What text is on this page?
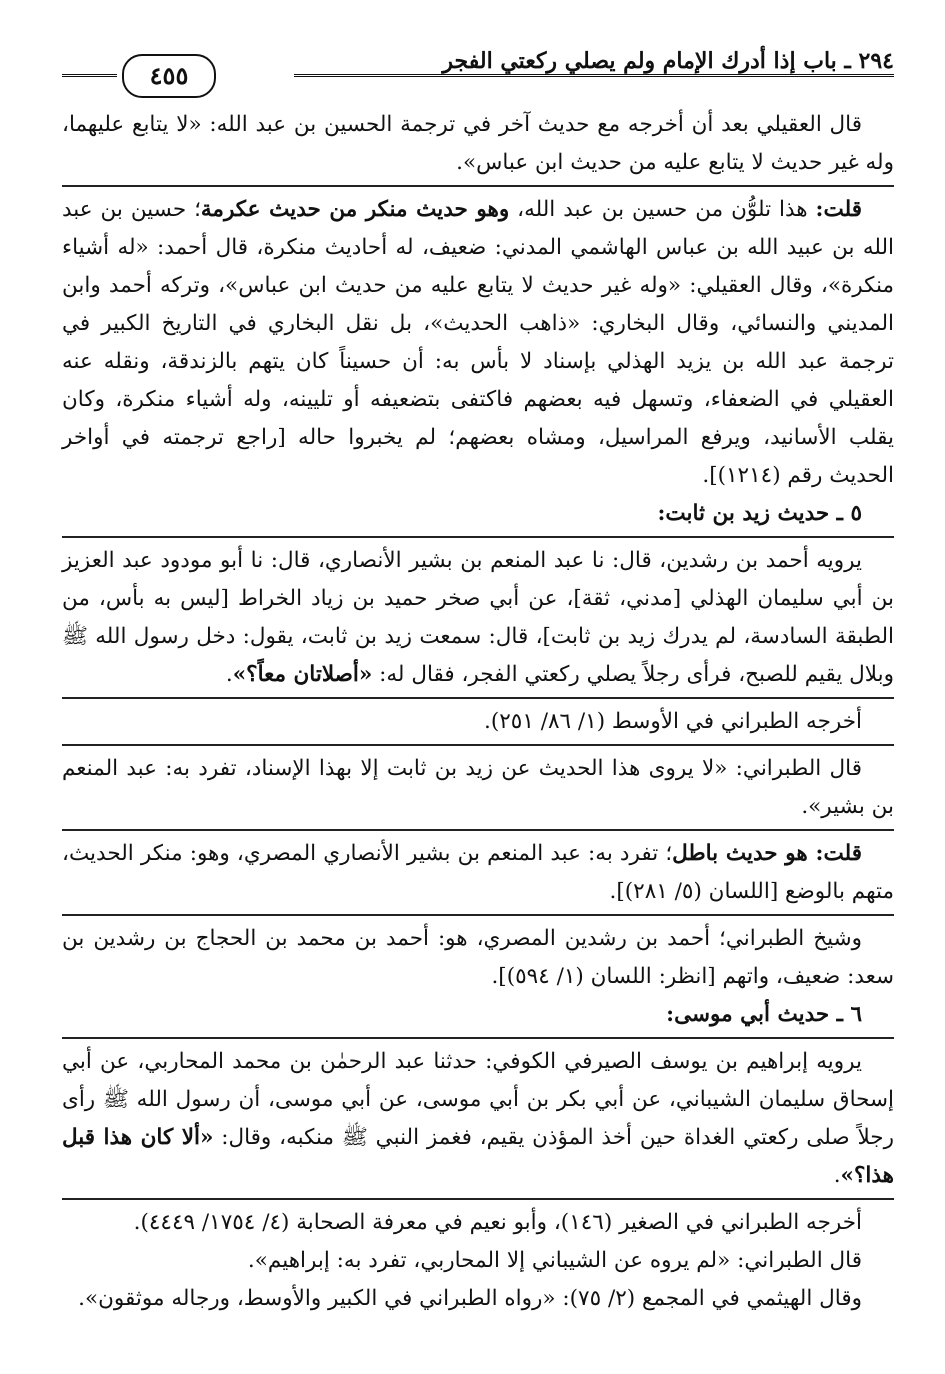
٢٩٤ ـ باب إذا أدرك الإمام ولم يصلي ركعتي الفجر
٤٥٥

قال العقيلي بعد أن أخرجه مع حديث آخر في ترجمة الحسين بن عبد الله: «لا يتابع عليهما، وله غير حديث لا يتابع عليه من حديث ابن عباس».

قلت: هذا تلوُّن من حسين بن عبد الله، وهو حديث منكر من حديث عكرمة؛ حسين بن عبد الله بن عبيد الله بن عباس الهاشمي المدني: ضعيف، له أحاديث منكرة، قال أحمد: «له أشياء منكرة»، وقال العقيلي: «وله غير حديث لا يتابع عليه من حديث ابن عباس»، وتركه أحمد وابن المديني والنسائي، وقال البخاري: «ذاهب الحديث»، بل نقل البخاري في التاريخ الكبير في ترجمة عبد الله بن يزيد الهذلي بإسناد لا بأس به: أن حسيناً كان يتهم بالزندقة، ونقله عنه العقيلي في الضعفاء، وتسهل فيه بعضهم فاكتفى بتضعيفه أو تليينه، وله أشياء منكرة، وكان يقلب الأسانيد، ويرفع المراسيل، ومشاه بعضهم؛ لم يخبروا حاله [راجع ترجمته في أواخر الحديث رقم (١٢١٤)].

٥ ـ حديث زيد بن ثابت:

يرويه أحمد بن رشدين، قال: نا عبد المنعم بن بشير الأنصاري، قال: نا أبو مودود عبد العزيز بن أبي سليمان الهذلي [مدني، ثقة]، عن أبي صخر حميد بن زياد الخراط [ليس به بأس، من الطبقة السادسة، لم يدرك زيد بن ثابت]، قال: سمعت زيد بن ثابت، يقول: دخل رسول الله ﷺ وبلال يقيم للصبح، فرأى رجلاً يصلي ركعتي الفجر، فقال له: «أصلاتان معاً؟».

أخرجه الطبراني في الأوسط (١/ ٨٦/ ٢٥١).

قال الطبراني: «لا يروى هذا الحديث عن زيد بن ثابت إلا بهذا الإسناد، تفرد به: عبد المنعم بن بشير».

قلت: هو حديث باطل؛ تفرد به: عبد المنعم بن بشير الأنصاري المصري، وهو: منكر الحديث، متهم بالوضع [اللسان (٥/ ٢٨١)].

وشيخ الطبراني؛ أحمد بن رشدين المصري، هو: أحمد بن محمد بن الحجاج بن رشدين بن سعد: ضعيف، واتهم [انظر: اللسان (١/ ٥٩٤)].

٦ ـ حديث أبي موسى:

يرويه إبراهيم بن يوسف الصيرفي الكوفي: حدثنا عبد الرحمٰن بن محمد المحاربي، عن أبي إسحاق سليمان الشيباني، عن أبي بكر بن أبي موسى، عن أبي موسى، أن رسول الله ﷺ رأى رجلاً صلى ركعتي الغداة حين أخذ المؤذن يقيم، فغمز النبي ﷺ منكبه، وقال: «ألا كان هذا قبل هذا؟».

أخرجه الطبراني في الصغير (١٤٦)، وأبو نعيم في معرفة الصحابة (٤/ ١٧٥٤/ ٤٤٤٩).

قال الطبراني: «لم يروه عن الشيباني إلا المحاربي، تفرد به: إبراهيم».

وقال الهيثمي في المجمع (٢/ ٧٥): «رواه الطبراني في الكبير والأوسط، ورجاله موثقون».
